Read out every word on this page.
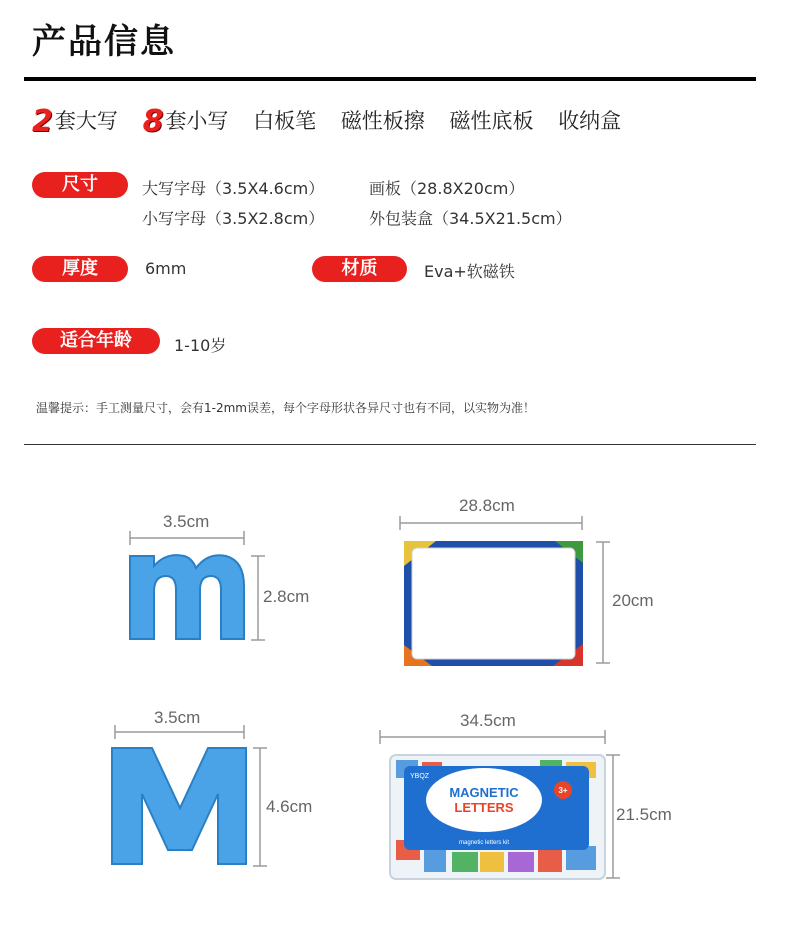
产品信息
2套大写 8套小写 白板笔 磁性板擦 磁性底板 收纳盒
尺寸	大写字母（3.5X4.6cm）	画板（28.8X20cm）
小写字母（3.5X2.8cm）	外包装盒（34.5X21.5cm）
厚度	6mm	材质	Eva+软磁铁
适合年龄	1-10岁
温馨提示：手工测量尺寸，会有1-2mm误差，每个字母形状各异尺寸也有不同，以实物为准！
MAGNETIC
LETTERS
YBQZ
magnetic letters kit
3+
3.5cm
2.8cm
28.8cm
20cm
3.5cm
4.6cm
34.5cm
21.5cm
